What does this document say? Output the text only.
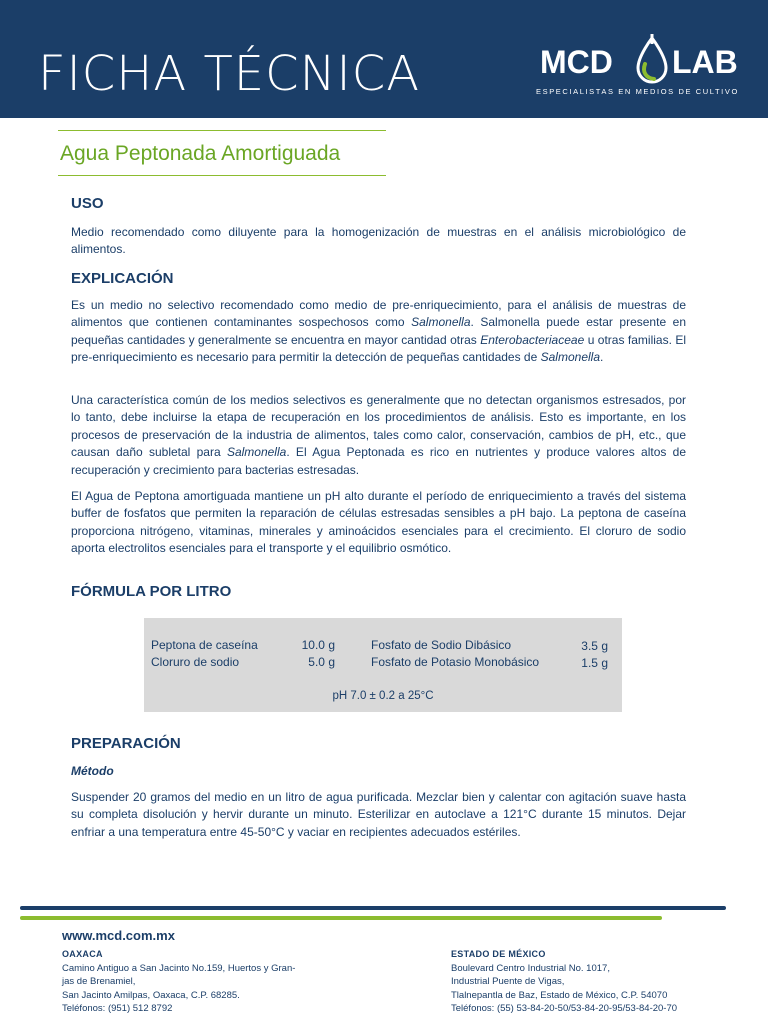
FICHA TÉCNICA	MCD LAB
ESPECIALISTAS EN MEDIOS DE CULTIVO
Agua Peptonada Amortiguada
USO
Medio recomendado como diluyente para la homogenización de muestras en el análisis microbiológico de alimentos.
EXPLICACIÓN
Es un medio no selectivo recomendado como medio de pre-enriquecimiento, para el análisis de muestras de alimentos que contienen contaminantes sospechosos como Salmonella. Salmonella puede estar presente en pequeñas cantidades y generalmente se encuentra en mayor cantidad otras Enterobacteriaceae u otras familias. El pre-enriquecimiento es necesario para permitir la detección de pequeñas cantidades de Salmonella.
Una característica común de los medios selectivos es generalmente que no detectan organismos estresados, por lo tanto, debe incluirse la etapa de recuperación en los procedimientos de análisis. Esto es importante, en los procesos de preservación de la industria de alimentos, tales como calor, conservación, cambios de pH, etc., que causan daño subletal para Salmonella. El Agua Peptonada es rico en nutrientes y produce valores altos de recuperación y crecimiento para bacterias estresadas.
El Agua de Peptona amortiguada mantiene un pH alto durante el período de enriquecimiento a través del sistema buffer de fosfatos que permiten la reparación de células estresadas sensibles a pH bajo. La peptona de caseína proporciona nitrógeno, vitaminas, minerales y aminoácidos esenciales para el crecimiento. El cloruro de sodio aporta electrolitos esenciales para el transporte y el equilibrio osmótico.
FÓRMULA POR LITRO
Peptona de caseína	10.0 g
Cloruro de sodio	5.0 g
Fosfato de Sodio Dibásico	3.5 g
Fosfato de Potasio Monobásico	1.5 g
pH 7.0 ± 0.2 a 25°C
PREPARACIÓN
Método
Suspender 20 gramos del medio en un litro de agua purificada. Mezclar bien y calentar con agitación suave hasta su completa disolución y hervir durante un minuto. Esterilizar en autoclave a 121°C durante 15 minutos. Dejar enfriar a una temperatura entre 45-50°C y vaciar en recipientes adecuados estériles.
www.mcd.com.mx
OAXACA
Camino Antiguo a San Jacinto No.159, Huertos y Gran-
jas de Brenamiel,
San Jacinto Amilpas, Oaxaca, C.P. 68285.
Teléfonos: (951) 512 8792
ESTADO DE MÉXICO
Boulevard Centro Industrial No. 1017,
Industrial Puente de Vigas,
Tlalnepantla de Baz, Estado de México, C.P. 54070
Teléfonos: (55) 53-84-20-50/53-84-20-95/53-84-20-70
